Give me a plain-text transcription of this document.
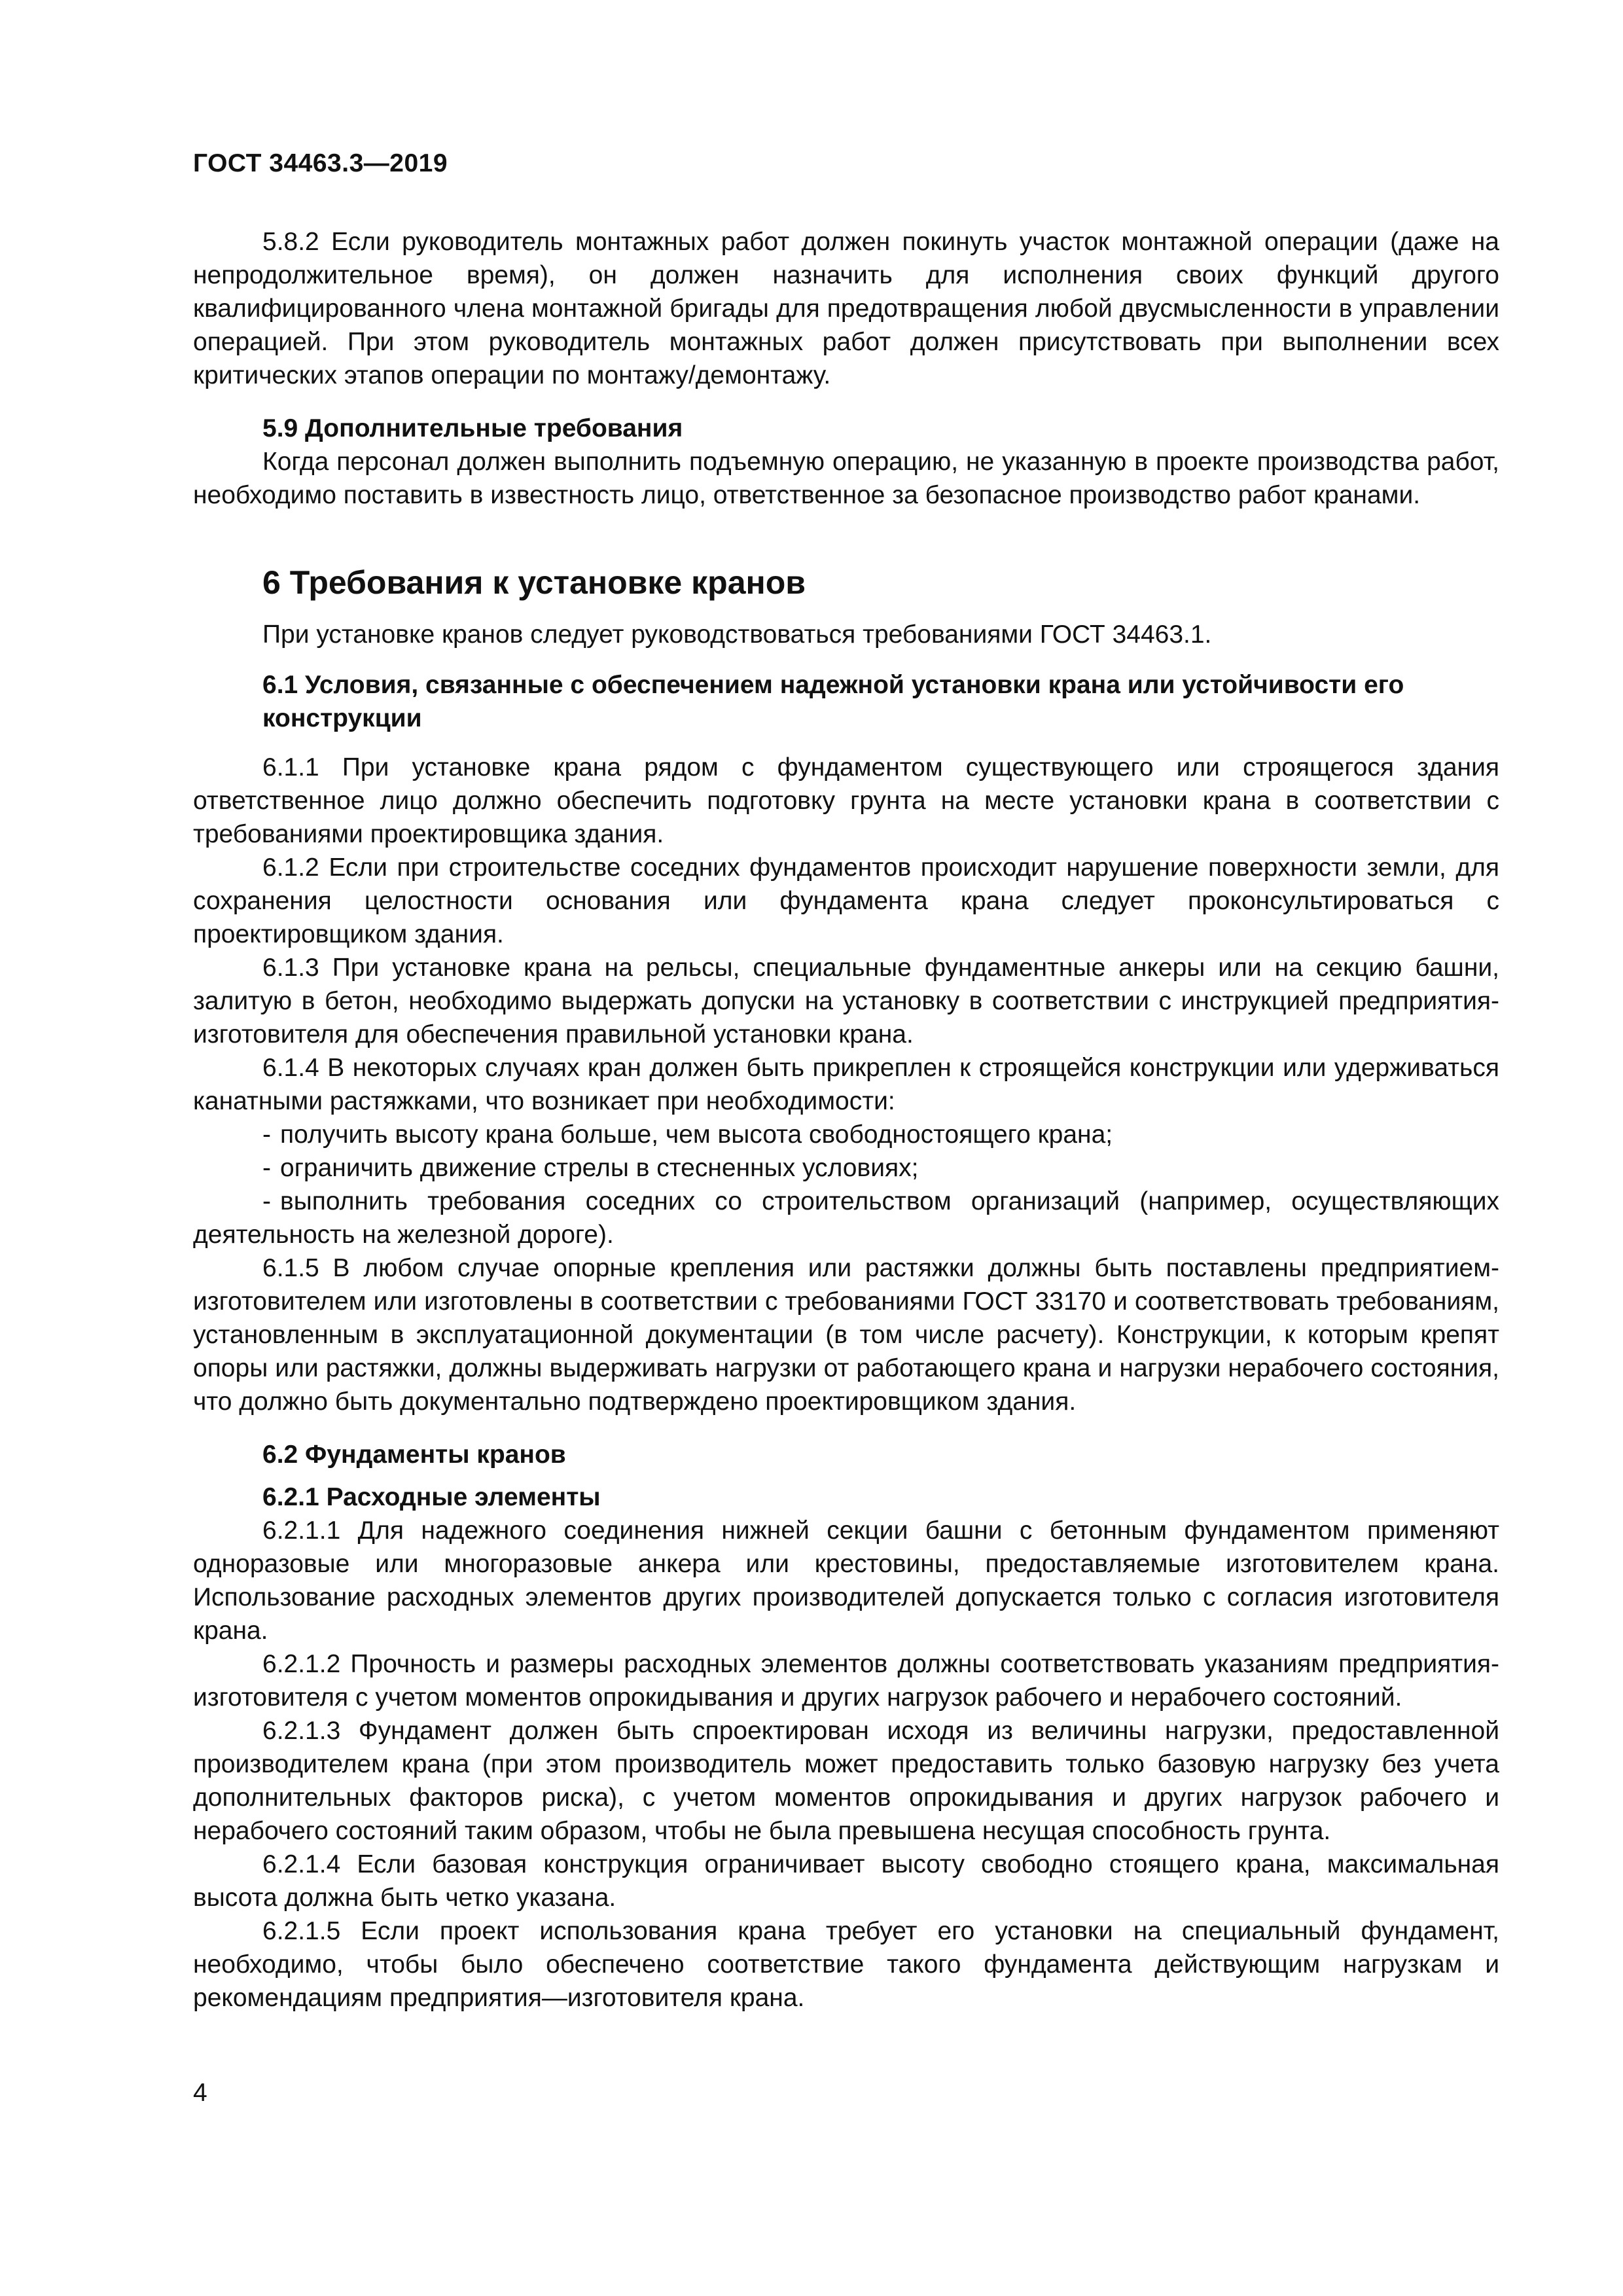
ГОСТ 34463.3—2019

5.8.2 Если руководитель монтажных работ должен покинуть участок монтажной операции (даже на непродолжительное время), он должен назначить для исполнения своих функций другого квалифицированного члена монтажной бригады для предотвращения любой двусмысленности в управлении операцией. При этом руководитель монтажных работ должен присутствовать при выполнении всех критических этапов операции по монтажу/демонтажу.

5.9 Дополнительные требования

Когда персонал должен выполнить подъемную операцию, не указанную в проекте производства работ, необходимо поставить в известность лицо, ответственное за безопасное производство работ кранами.

6 Требования к установке кранов
При установке кранов следует руководствоваться требованиями ГОСТ 34463.1.
6.1 Условия, связанные с обеспечением надежной установки крана или устойчивости его конструкции

6.1.1 При установке крана рядом с фундаментом существующего или строящегося здания ответственное лицо должно обеспечить подготовку грунта на месте установки крана в соответствии с требованиями проектировщика здания.

6.1.2 Если при строительстве соседних фундаментов происходит нарушение поверхности земли, для сохранения целостности основания или фундамента крана следует проконсультироваться с проектировщиком здания.

6.1.3 При установке крана на рельсы, специальные фундаментные анкеры или на секцию башни, залитую в бетон, необходимо выдержать допуски на установку в соответствии с инструкцией предприятия-изготовителя для обеспечения правильной установки крана.

6.1.4 В некоторых случаях кран должен быть прикреплен к строящейся конструкции или удерживаться канатными растяжками, что возникает при необходимости:

- получить высоту крана больше, чем высота свободностоящего крана;
- ограничить движение стрелы в стесненных условиях;
- выполнить требования соседних со строительством организаций (например, осуществляющих деятельность на железной дороге).

6.1.5 В любом случае опорные крепления или растяжки должны быть поставлены предприятием-изготовителем или изготовлены в соответствии с требованиями ГОСТ 33170 и соответствовать требованиям, установленным в эксплуатационной документации (в том числе расчету). Конструкции, к которым крепят опоры или растяжки, должны выдерживать нагрузки от работающего крана и нагрузки нерабочего состояния, что должно быть документально подтверждено проектировщиком здания.

6.2 Фундаменты кранов
6.2.1 Расходные элементы

6.2.1.1 Для надежного соединения нижней секции башни с бетонным фундаментом применяют одноразовые или многоразовые анкера или крестовины, предоставляемые изготовителем крана. Использование расходных элементов других производителей допускается только с согласия изготовителя крана.

6.2.1.2 Прочность и размеры расходных элементов должны соответствовать указаниям предприятия-изготовителя с учетом моментов опрокидывания и других нагрузок рабочего и нерабочего состояний.

6.2.1.3 Фундамент должен быть спроектирован исходя из величины нагрузки, предоставленной производителем крана (при этом производитель может предоставить только базовую нагрузку без учета дополнительных факторов риска), с учетом моментов опрокидывания и других нагрузок рабочего и нерабочего состояний таким образом, чтобы не была превышена несущая способность грунта.

6.2.1.4 Если базовая конструкция ограничивает высоту свободно стоящего крана, максимальная высота должна быть четко указана.

6.2.1.5 Если проект использования крана требует его установки на специальный фундамент, необходимо, чтобы было обеспечено соответствие такого фундамента действующим нагрузкам и рекомендациям предприятия—изготовителя крана.

4
